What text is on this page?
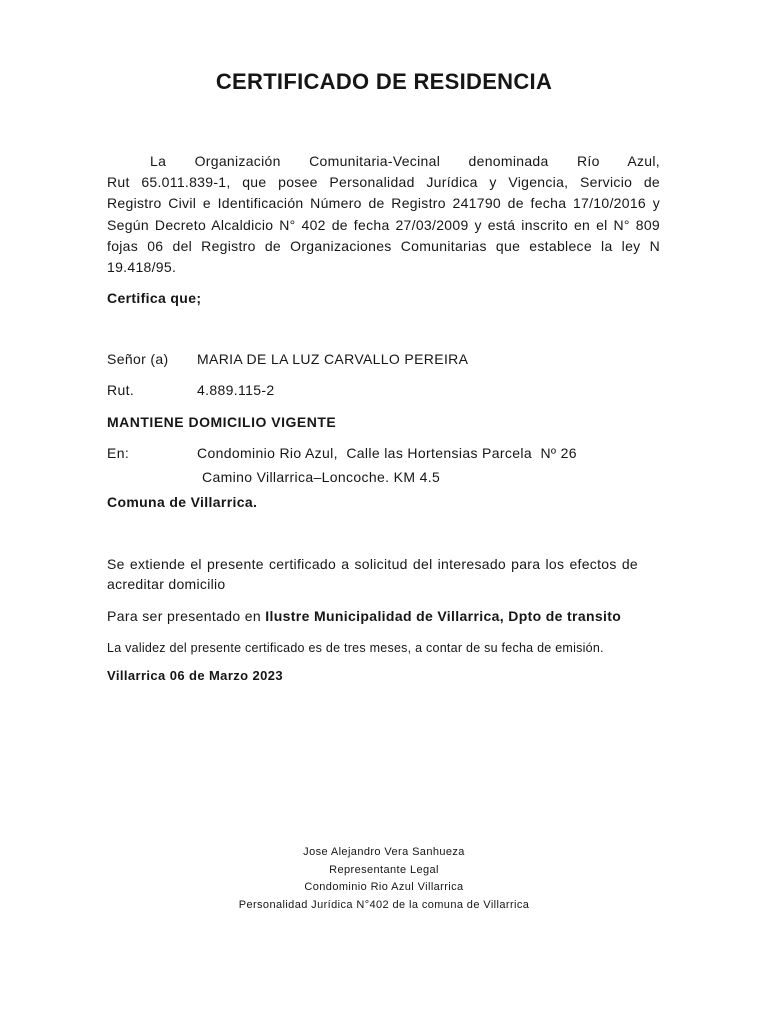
CERTIFICADO DE RESIDENCIA
La Organización Comunitaria-Vecinal denominada Río Azul,
Rut 65.011.839-1, que posee Personalidad Jurídica y Vigencia, Servicio de
Registro Civil e Identificación Número de Registro 241790 de fecha 17/10/2016 y
Según Decreto Alcaldicio N° 402 de fecha 27/03/2009 y está inscrito en el N° 809
fojas 06 del Registro de Organizaciones Comunitarias que establece la ley N
19.418/95.
Certifica que;
Señor (a) MARIA DE LA LUZ CARVALLO PEREIRA
Rut.	4.889.115-2
MANTIENE DOMICILIO VIGENTE
En:	Condominio Rio Azul,  Calle las Hortensias Parcela  Nº 26
Camino Villarrica–Loncoche. KM 4.5
Comuna de Villarrica.
Se extiende el presente certificado a solicitud del interesado para los efectos de
acreditar domicilio
Para ser presentado en Ilustre Municipalidad de Villarrica, Dpto de transito
La validez del presente certificado es de tres meses, a contar de su fecha de emisión.
Villarrica 06 de Marzo 2023
Jose Alejandro Vera Sanhueza
Representante Legal
Condominio Rio Azul Villarrica
Personalidad Jurídica N°402 de la comuna de Villarrica
